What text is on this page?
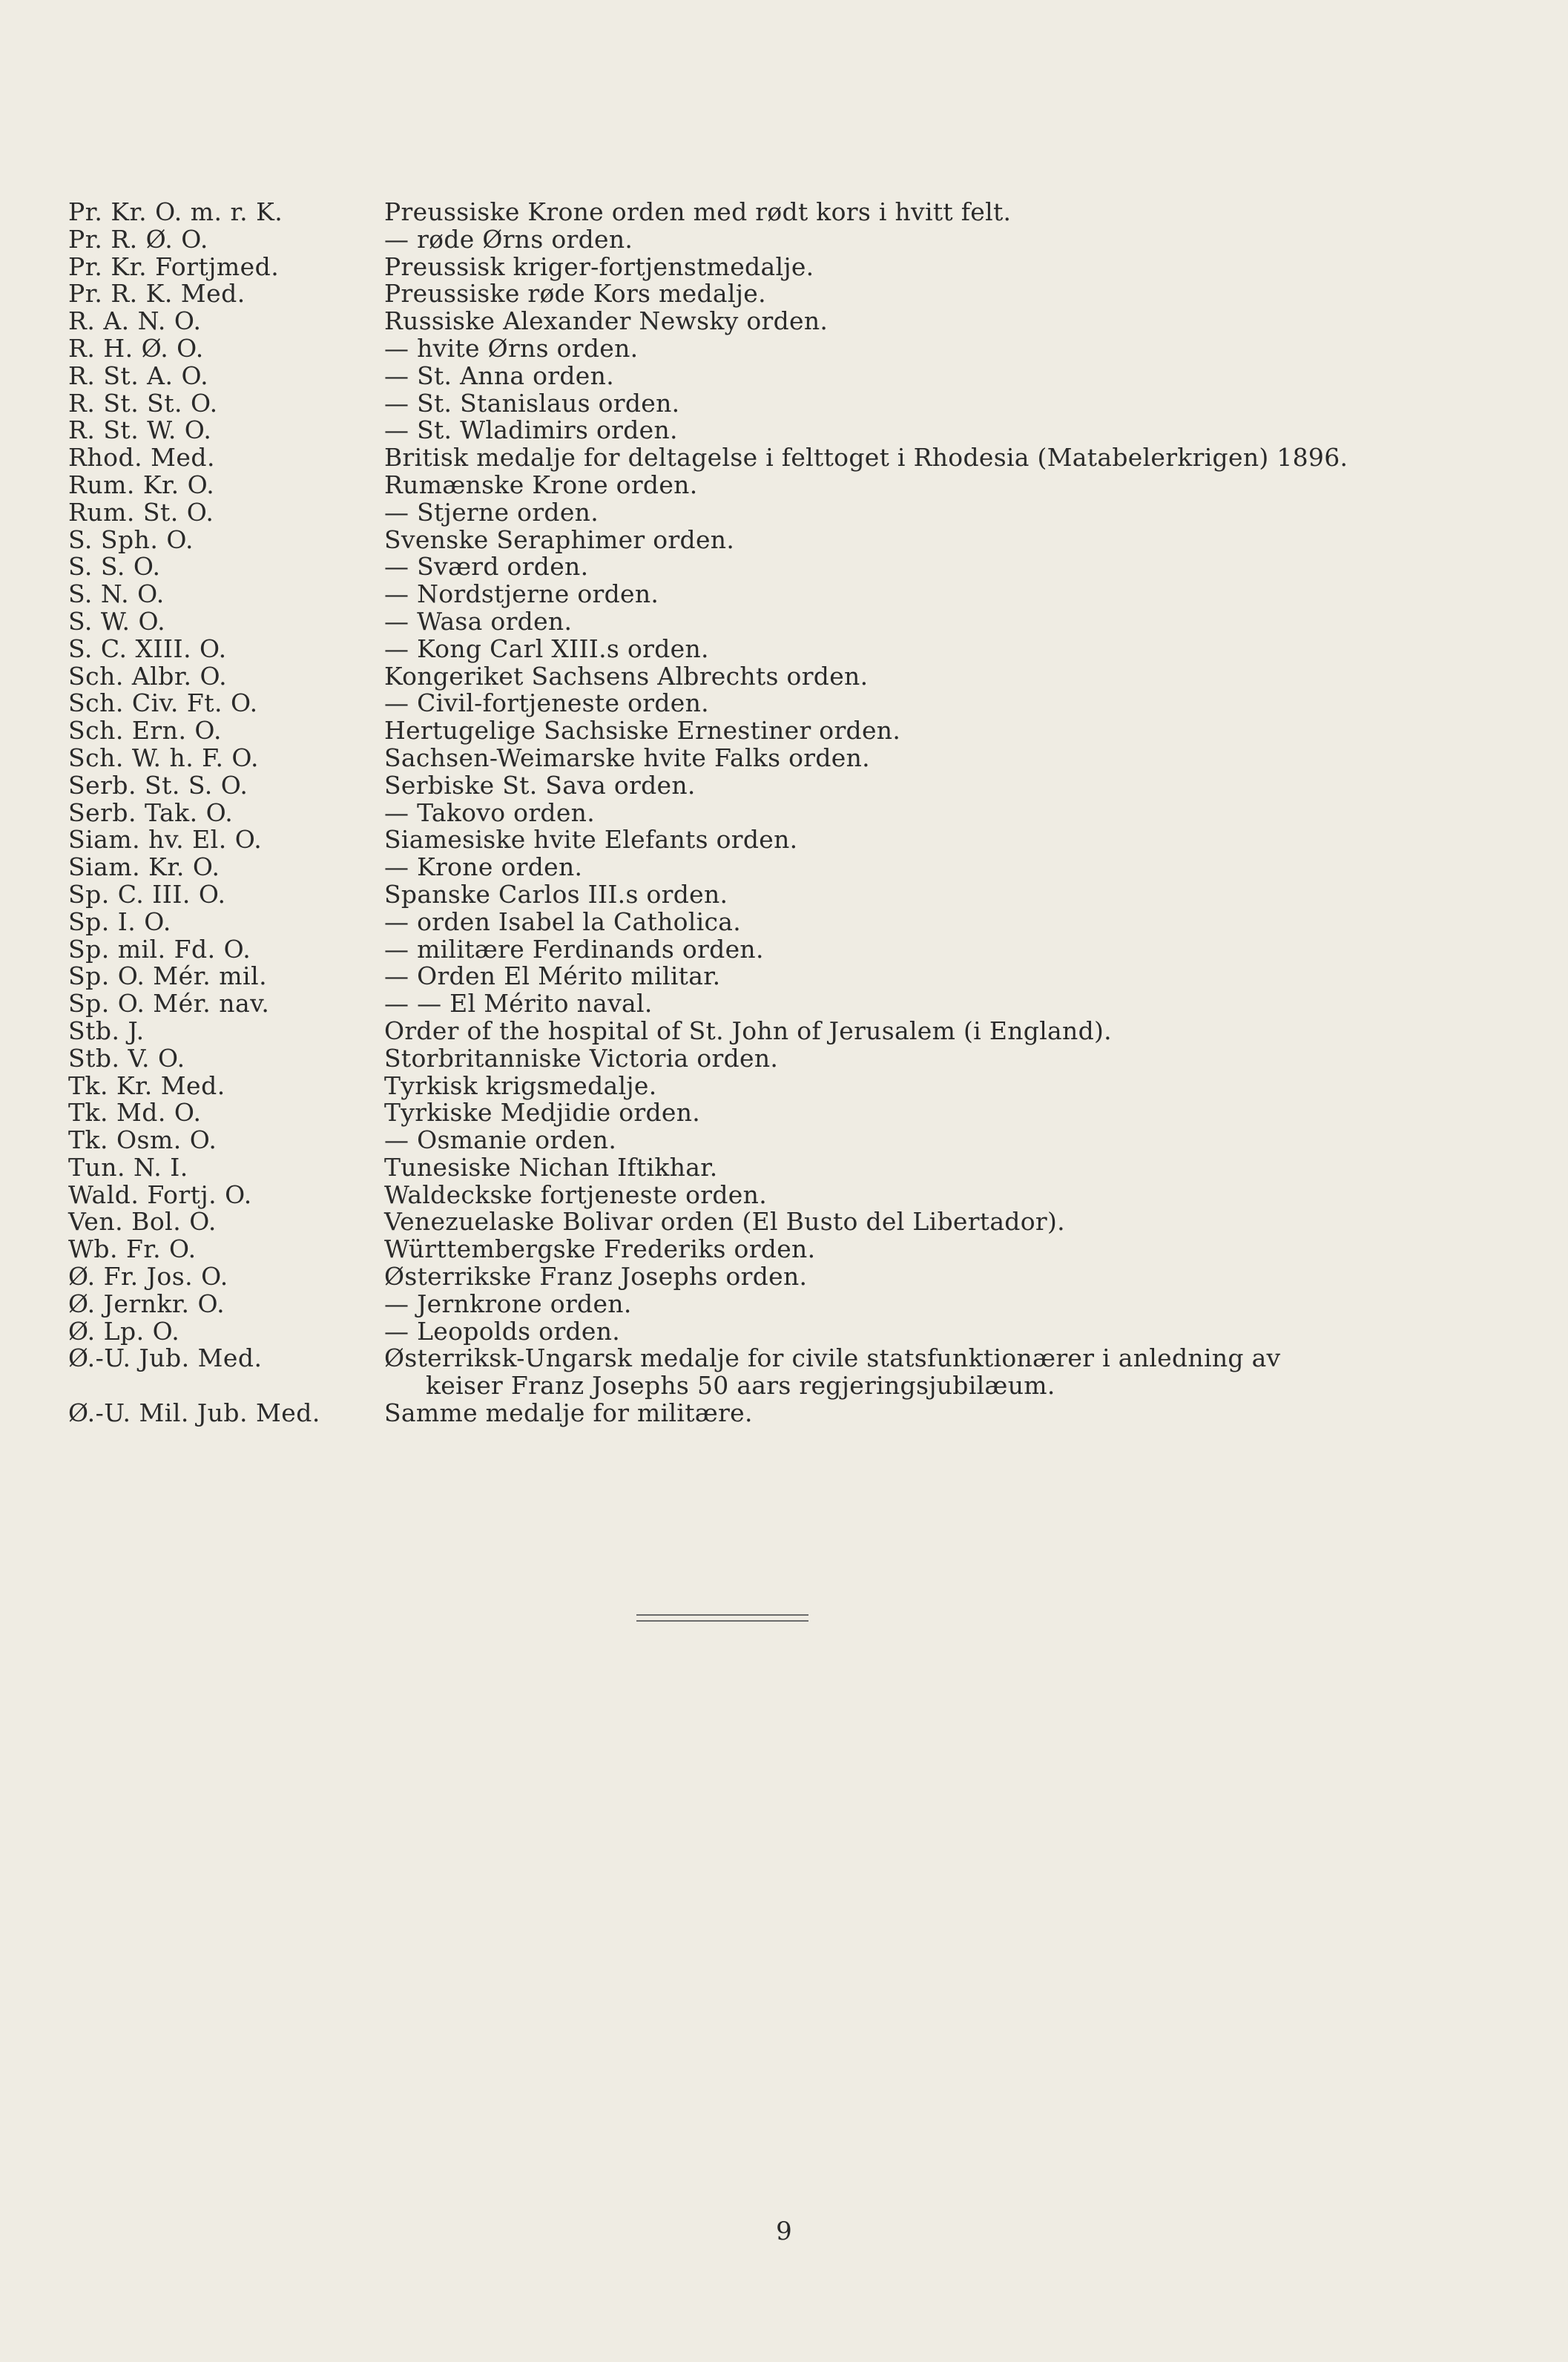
Pr. Kr. O. m. r. K.	Preussiske Krone orden med rødt kors i hvitt felt.
Pr. R. Ø. O.	— røde Ørns orden.
Pr. Kr. Fortjmed.	Preussisk kriger-fortjenstmedalje.
Pr. R. K. Med.	Preussiske røde Kors medalje.
R. A. N. O.	Russiske Alexander Newsky orden.
R. H. Ø. O.	— hvite Ørns orden.
R. St. A. O.	— St. Anna orden.
R. St. St. O.	— St. Stanislaus orden.
R. St. W. O.	— St. Wladimirs orden.
Rhod. Med.	Britisk medalje for deltagelse i felttoget i Rhodesia (Matabelerkrigen) 1896.
Rum. Kr. O.	Rumænske Krone orden.
Rum. St. O.	— Stjerne orden.
S. Sph. O.	Svenske Seraphimer orden.
S. S. O.	— Sværd orden.
S. N. O.	— Nordstjerne orden.
S. W. O.	— Wasa orden.
S. C. XIII. O.	— Kong Carl XIII.s orden.
Sch. Albr. O.	Kongeriket Sachsens Albrechts orden.
Sch. Civ. Ft. O.	— Civil-fortjeneste orden.
Sch. Ern. O.	Hertugelige Sachsiske Ernestiner orden.
Sch. W. h. F. O.	Sachsen-Weimarske hvite Falks orden.
Serb. St. S. O.	Serbiske St. Sava orden.
Serb. Tak. O.	— Takovo orden.
Siam. hv. El. O.	Siamesiske hvite Elefants orden.
Siam. Kr. O.	— Krone orden.
Sp. C. III. O.	Spanske Carlos III.s orden.
Sp. I. O.	— orden Isabel la Catholica.
Sp. mil. Fd. O.	— militære Ferdinands orden.
Sp. O. Mér. mil.	— Orden El Mérito militar.
Sp. O. Mér. nav.	— — El Mérito naval.
Stb. J.	Order of the hospital of St. John of Jerusalem (i England).
Stb. V. O.	Storbritanniske Victoria orden.
Tk. Kr. Med.	Tyrkisk krigsmedalje.
Tk. Md. O.	Tyrkiske Medjidie orden.
Tk. Osm. O.	— Osmanie orden.
Tun. N. I.	Tunesiske Nichan Iftikhar.
Wald. Fortj. O.	Waldeckske fortjeneste orden.
Ven. Bol. O.	Venezuelaske Bolivar orden (El Busto del Libertador).
Wb. Fr. O.	Württembergske Frederiks orden.
Ø. Fr. Jos. O.	Østerrikske Franz Josephs orden.
Ø. Jernkr. O.	— Jernkrone orden.
Ø. Lp. O.	— Leopolds orden.
Ø.-U. Jub. Med.	Østerriksk-Ungarsk medalje for civile statsfunktionærer i anledning av
keiser Franz Josephs 50 aars regjeringsjubilæum.
Ø.-U. Mil. Jub. Med.	Samme medalje for militære.
9
